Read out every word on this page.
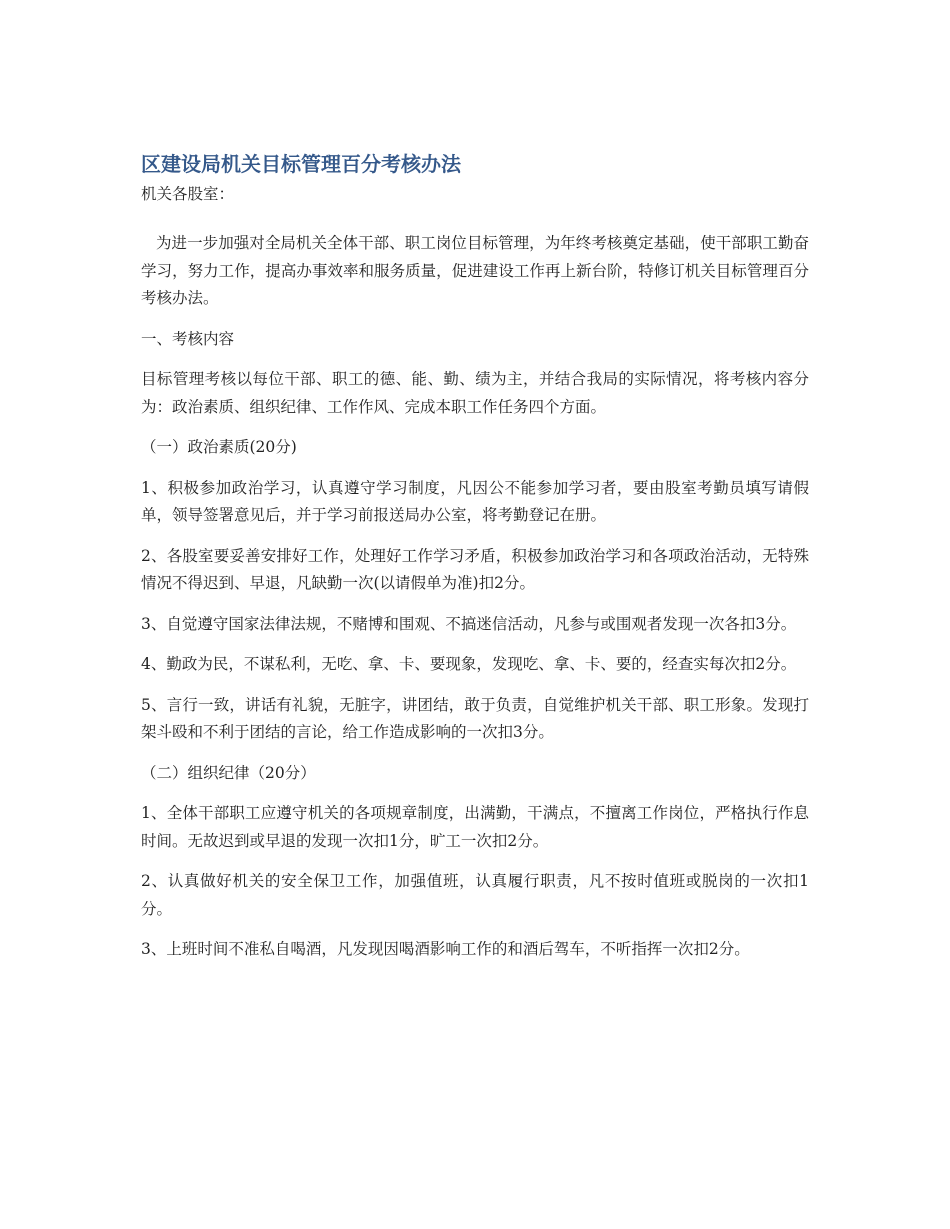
区建设局机关目标管理百分考核办法

机关各股室：

为进一步加强对全局机关全体干部、职工岗位目标管理，为年终考核奠定基础，使干部职工勤奋学习，努力工作，提高办事效率和服务质量，促进建设工作再上新台阶，特修订机关目标管理百分考核办法。

一、考核内容

目标管理考核以每位干部、职工的德、能、勤、绩为主，并结合我局的实际情况，将考核内容分为：政治素质、组织纪律、工作作风、完成本职工作任务四个方面。

（一）政治素质(20分)

1、积极参加政治学习，认真遵守学习制度，凡因公不能参加学习者，要由股室考勤员填写请假单，领导签署意见后，并于学习前报送局办公室，将考勤登记在册。

2、各股室要妥善安排好工作，处理好工作学习矛盾，积极参加政治学习和各项政治活动，无特殊情况不得迟到、早退，凡缺勤一次(以请假单为准)扣2分。

3、自觉遵守国家法律法规，不赌博和围观、不搞迷信活动，凡参与或围观者发现一次各扣3分。

4、勤政为民，不谋私利，无吃、拿、卡、要现象，发现吃、拿、卡、要的，经查实每次扣2分。

5、言行一致，讲话有礼貌，无脏字，讲团结，敢于负责，自觉维护机关干部、职工形象。发现打架斗殴和不利于团结的言论，给工作造成影响的一次扣3分。

（二）组织纪律（20分）

1、全体干部职工应遵守机关的各项规章制度，出满勤，干满点，不擅离工作岗位，严格执行作息时间。无故迟到或早退的发现一次扣1分，旷工一次扣2分。

2、认真做好机关的安全保卫工作，加强值班，认真履行职责，凡不按时值班或脱岗的一次扣1分。

3、上班时间不准私自喝酒，凡发现因喝酒影响工作的和酒后驾车，不听指挥一次扣2分。
